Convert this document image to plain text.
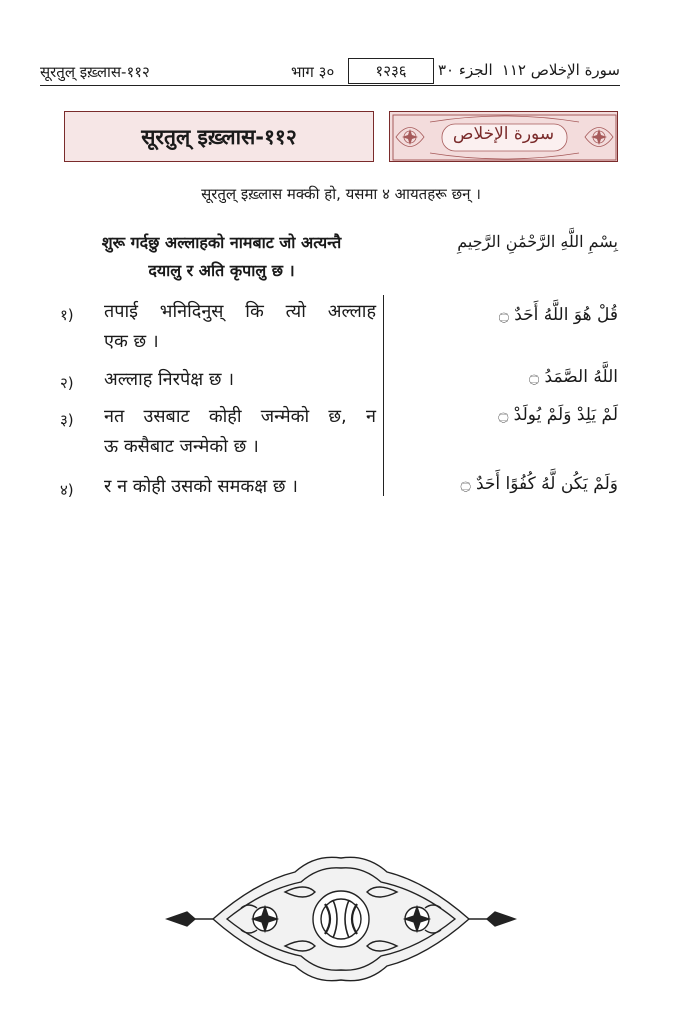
सूरतुल् इख़्लास-११२	भाग ३०	१२३६	الجزء ٣٠ سورة الإخلاص ١١٢
सूरतुल् इख़्लास-११२	سورة الإخلاص
सूरतुल् इख़्लास मक्की हो, यसमा ४ आयतहरू छन् ।
शुरू गर्दछु अल्लाहको नामबाट जो अत्यन्तै
दयालु र अति कृपालु छ ।
بِسْمِ اللَّهِ الرَّحْمَٰنِ الرَّحِيمِ
१) तपाई भनिदिनुस् कि त्यो अल्लाह
एक छ ।
قُلْ هُوَ اللَّهُ أَحَدٌ ۝
२) अल्लाह निरपेक्ष छ ।	اللَّهُ الصَّمَدُ ۝
३) नत उसबाट कोही जन्मेको छ, न
ऊ कसैबाट जन्मेको छ ।
لَمْ يَلِدْ وَلَمْ يُولَدْ ۝
४) र न कोही उसको समकक्ष छ ।	وَلَمْ يَكُن لَّهُ كُفُوًا أَحَدٌ ۝
